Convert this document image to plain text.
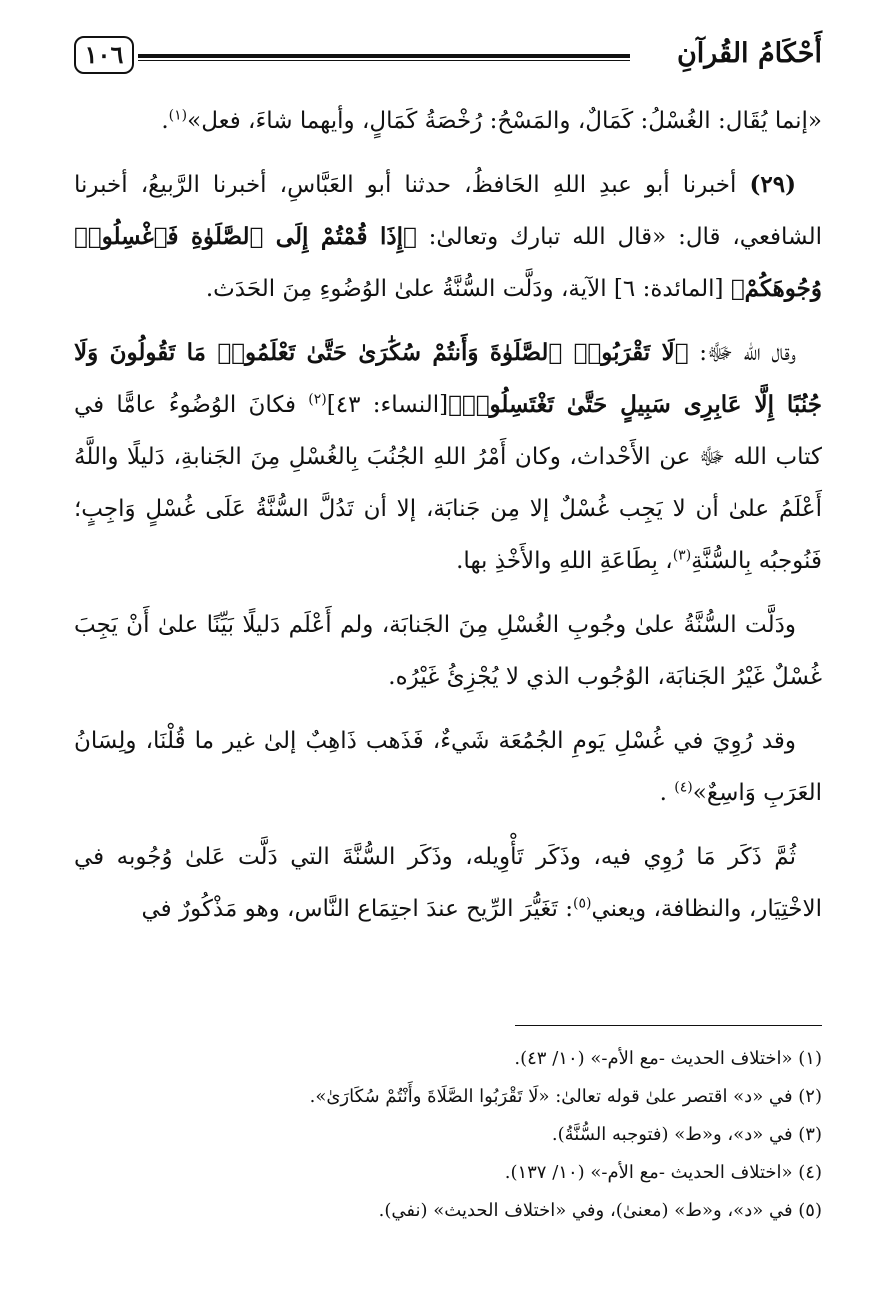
أَحْكَامُ القُرآنِ
١٠٦

«إنما يُقَال: الغُسْلُ: كَمَالٌ، والمَسْحُ: رُخْصَةُ كَمَالٍ، وأيهما شاءَ، فعل»$^{(١)}$.

(٢٩) أخبرنا أبو عبدِ اللهِ الحَافظُ، حدثنا أبو العَبَّاسِ، أخبرنا الرَّبيعُ، أخبرنا الشافعي، قال: «قال الله تبارك وتعالىٰ: ﴿إِذَا قُمْتُمْ إِلَى ٱلصَّلَوٰةِ فَٱغْسِلُوا۟ وُجُوهَكُمْ﴾ [المائدة: ٦] الآية، ودَلَّت السُّنَّةُ علىٰ الوُضُوءِ مِنَ الحَدَث.

وقال الله ﷻ: ﴿لَا تَقْرَبُوا۟ ٱلصَّلَوٰةَ وَأَنتُمْ سُكَٰرَىٰ حَتَّىٰ تَعْلَمُوا۟ مَا تَقُولُونَ وَلَا جُنُبًا إِلَّا عَابِرِى سَبِيلٍ حَتَّىٰ تَغْتَسِلُوا۟﴾[النساء: ٤٣]$^{(٢)}$ فكانَ الوُضُوءُ عامًّا في كتاب الله ﷻ عن الأَحْداث، وكان أَمْرُ اللهِ الجُنُبَ بِالغُسْلِ مِنَ الجَنابةِ، دَليلًا واللَّهُ أَعْلَمُ علىٰ أن لا يَجِب غُسْلٌ إلا مِن جَنابَة، إلا أن تَدُلَّ السُّنَّةُ عَلَى غُسْلٍ وَاجِبٍ؛ فَنُوجبُه بِالسُّنَّةِ$^{(٣)}$، بِطَاعَةِ اللهِ والأَخْذِ بها.

ودَلَّت السُّنَّةُ علىٰ وجُوبِ الغُسْلِ مِنَ الجَنابَة، ولم أَعْلَم دَليلًا بَيِّنًا علىٰ أَنْ يَجِبَ غُسْلٌ غَيْرُ الجَنابَة، الوُجُوب الذي لا يُجْزِئُ غَيْرُه.

وقد رُوِيَ في غُسْلِ يَومِ الجُمُعَة شَيءٌ، فَذَهب ذَاهِبٌ إلىٰ غير ما قُلْنَا، ولِسَانُ العَرَبِ وَاسِعٌ»$^{(٤)}$ .

ثُمَّ ذَكَر مَا رُوِي فيه، وذَكَر تَأْوِيله، وذَكَر السُّنَّةَ التي دَلَّت عَلىٰ وُجُوبه في الاخْتِيَار، والنظافة، ويعني$^{(٥)}$: تَغَيُّرَ الرِّيح عندَ اجتِمَاع النَّاس، وهو مَذْكُورٌ في

(١) «اختلاف الحديث -مع الأم-» (١٠/ ٤٣).

(٢) في «د» اقتصر علىٰ قوله تعالىٰ: «لَا تَقْرَبُوا الصَّلَاةَ وأَنْتُمْ سُكَارَىٰ».

(٣) في «د»، و«ط» (فتوجبه السُّنَّةُ).

(٤) «اختلاف الحديث -مع الأم-» (١٠/ ١٣٧).

(٥) في «د»، و«ط» (معنىٰ)، وفي «اختلاف الحديث» (نفي).
